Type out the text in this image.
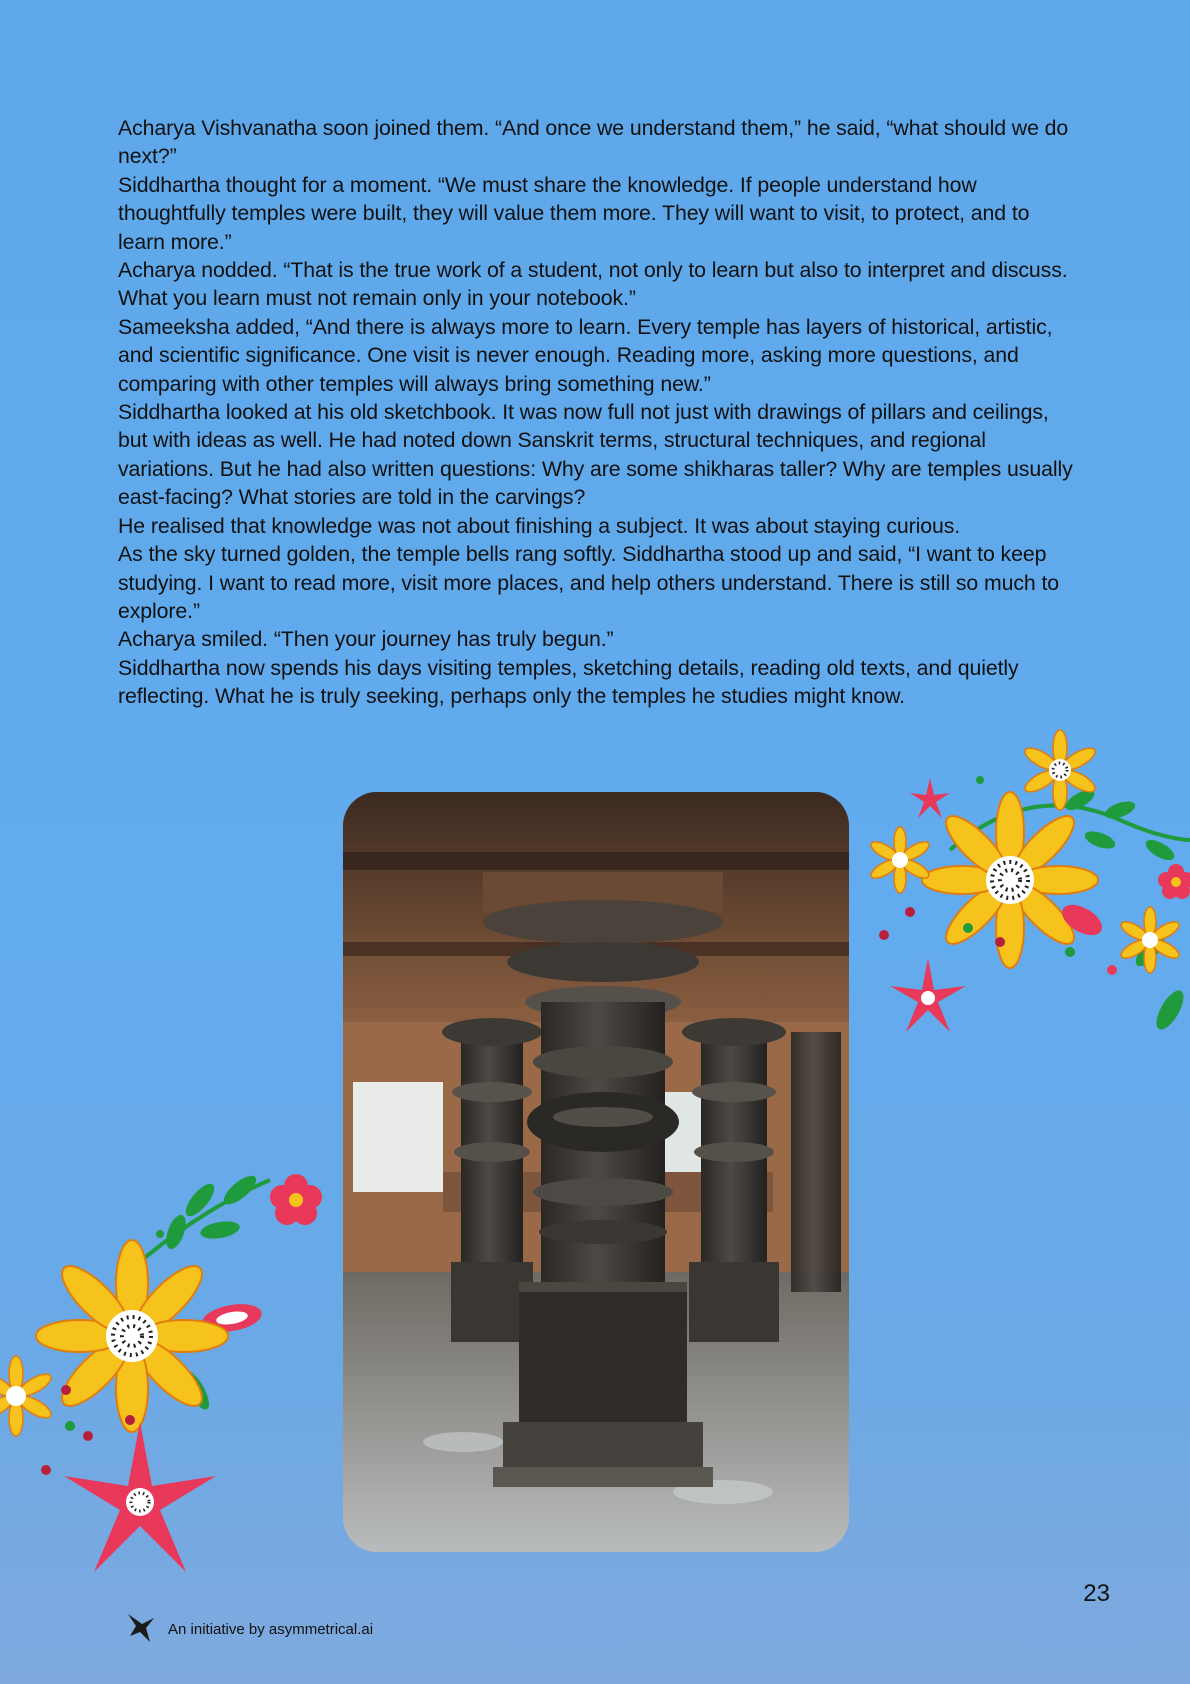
Acharya Vishvanatha soon joined them. “And once we understand them,” he said, “what should we do next?”

Siddhartha thought for a moment. “We must share the knowledge. If people understand how thoughtfully temples were built, they will value them more. They will want to visit, to protect, and to learn more.”

Acharya nodded. “That is the true work of a student, not only to learn but also to interpret and discuss. What you learn must not remain only in your notebook.”

Sameeksha added, “And there is always more to learn. Every temple has layers of historical, artistic, and scientific significance. One visit is never enough. Reading more, asking more questions, and comparing with other temples will always bring something new.”

Siddhartha looked at his old sketchbook. It was now full not just with drawings of pillars and ceilings, but with ideas as well. He had noted down Sanskrit terms, structural techniques, and regional variations. But he had also written questions: Why are some shikharas taller? Why are temples usually east-facing? What stories are told in the carvings?

He realised that knowledge was not about finishing a subject. It was about staying curious.

As the sky turned golden, the temple bells rang softly. Siddhartha stood up and said, “I want to keep studying. I want to read more, visit more places, and help others understand. There is still so much to explore.”

Acharya smiled. “Then your journey has truly begun.”

Siddhartha now spends his days visiting temples, sketching details, reading old texts, and quietly reflecting. What he is truly seeking, perhaps only the temples he studies might know.

23
An initiative by asymmetrical.ai
